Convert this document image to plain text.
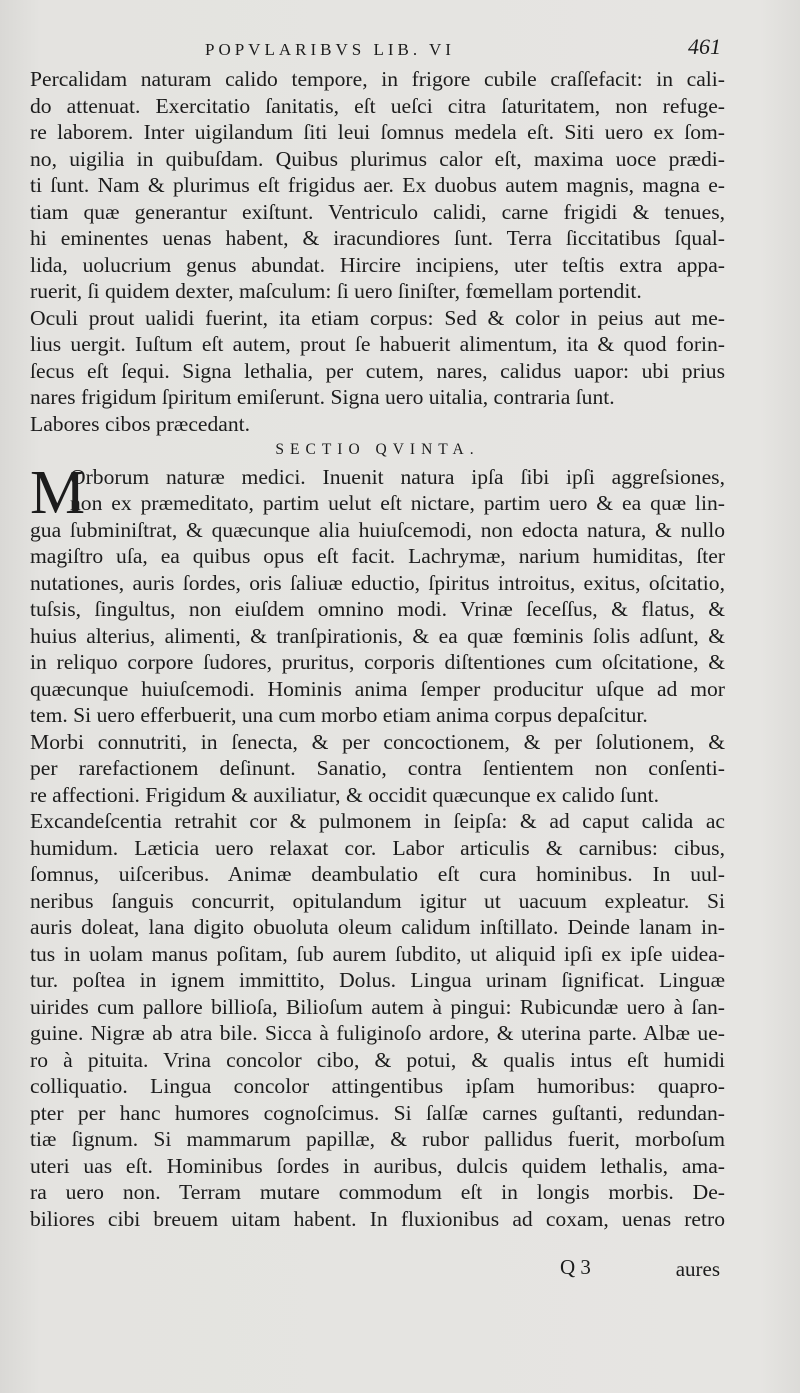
POPVLARIBVS LIB. VI	461
Percalidam naturam calido tempore, in frigore cubile craſſefacit: in cali-
do attenuat. Exercitatio ſanitatis, eſt ueſci citra ſaturitatem, non refuge-
re laborem. Inter uigilandum ſiti leui ſomnus medela eſt. Siti uero ex ſom-
no, uigilia in quibuſdam. Quibus plurimus calor eſt, maxima uoce prædi-
ti ſunt. Nam & plurimus eſt frigidus aer. Ex duobus autem magnis, magna e-
tiam quæ generantur exiſtunt. Ventriculo calidi, carne frigidi & tenues,
hi eminentes uenas habent, & iracundiores ſunt. Terra ſiccitatibus ſqual-
lida, uolucrium genus abundat. Hircire incipiens, uter teſtis extra appa-
ruerit, ſi quidem dexter, maſculum: ſi uero ſiniſter, fœmellam portendit.
Oculi prout ualidi fuerint, ita etiam corpus: Sed & color in peius aut me-
lius uergit. Iuſtum eſt autem, prout ſe habuerit alimentum, ita & quod forin-
ſecus eſt ſequi. Signa lethalia, per cutem, nares, calidus uapor: ubi prius
nares frigidum ſpiritum emiſerunt. Signa uero uitalia, contraria ſunt.
Labores cibos præcedant.
SECTIO QVINTA.
M
Orborum naturæ medici. Inuenit natura ipſa ſibi ipſi aggreſsiones,
non ex præmeditato, partim uelut eſt nictare, partim uero & ea quæ lin-
gua ſubminiſtrat, & quæcunque alia huiuſcemodi, non edocta natura, & nullo
magiſtro uſa, ea quibus opus eſt facit. Lachrymæ, narium humiditas, ſter
nutationes, auris ſordes, oris ſaliuæ eductio, ſpiritus introitus, exitus, oſcitatio,
tuſsis, ſingultus, non eiuſdem omnino modi. Vrinæ ſeceſſus, & flatus, &
huius alterius, alimenti, & tranſpirationis, & ea quæ fœminis ſolis adſunt, &
in reliquo corpore ſudores, pruritus, corporis diſtentiones cum oſcitatione, &
quæcunque huiuſcemodi. Hominis anima ſemper producitur uſque ad mor
tem. Si uero efferbuerit, una cum morbo etiam anima corpus depaſcitur.
Morbi connutriti, in ſenecta, & per concoctionem, & per ſolutionem, &
per rarefactionem deſinunt. Sanatio, contra ſentientem non conſenti-
re affectioni. Frigidum & auxiliatur, & occidit quæcunque ex calido ſunt.
Excandeſcentia retrahit cor & pulmonem in ſeipſa: & ad caput calida ac
humidum. Læticia uero relaxat cor. Labor articulis & carnibus: cibus,
ſomnus, uiſceribus. Animæ deambulatio eſt cura hominibus. In uul-
neribus ſanguis concurrit, opitulandum igitur ut uacuum expleatur. Si
auris doleat, lana digito obuoluta oleum calidum inſtillato. Deinde lanam in-
tus in uolam manus poſitam, ſub aurem ſubdito, ut aliquid ipſi ex ipſe uidea-
tur. poſtea in ignem immittito, Dolus. Lingua urinam ſignificat. Linguæ
uirides cum pallore billioſa, Bilioſum autem à pingui: Rubicundæ uero à ſan-
guine. Nigræ ab atra bile. Sicca à fuliginoſo ardore, & uterina parte. Albæ ue-
ro à pituita. Vrina concolor cibo, & potui, & qualis intus eſt humidi
colliquatio. Lingua concolor attingentibus ipſam humoribus: quapro-
pter per hanc humores cognoſcimus. Si ſalſæ carnes guſtanti, redundan-
tiæ ſignum. Si mammarum papillæ, & rubor pallidus fuerit, morboſum
uteri uas eſt. Hominibus ſordes in auribus, dulcis quidem lethalis, ama-
ra uero non. Terram mutare commodum eſt in longis morbis. De-
biliores cibi breuem uitam habent. In fluxionibus ad coxam, uenas retro
Q 3	aures
